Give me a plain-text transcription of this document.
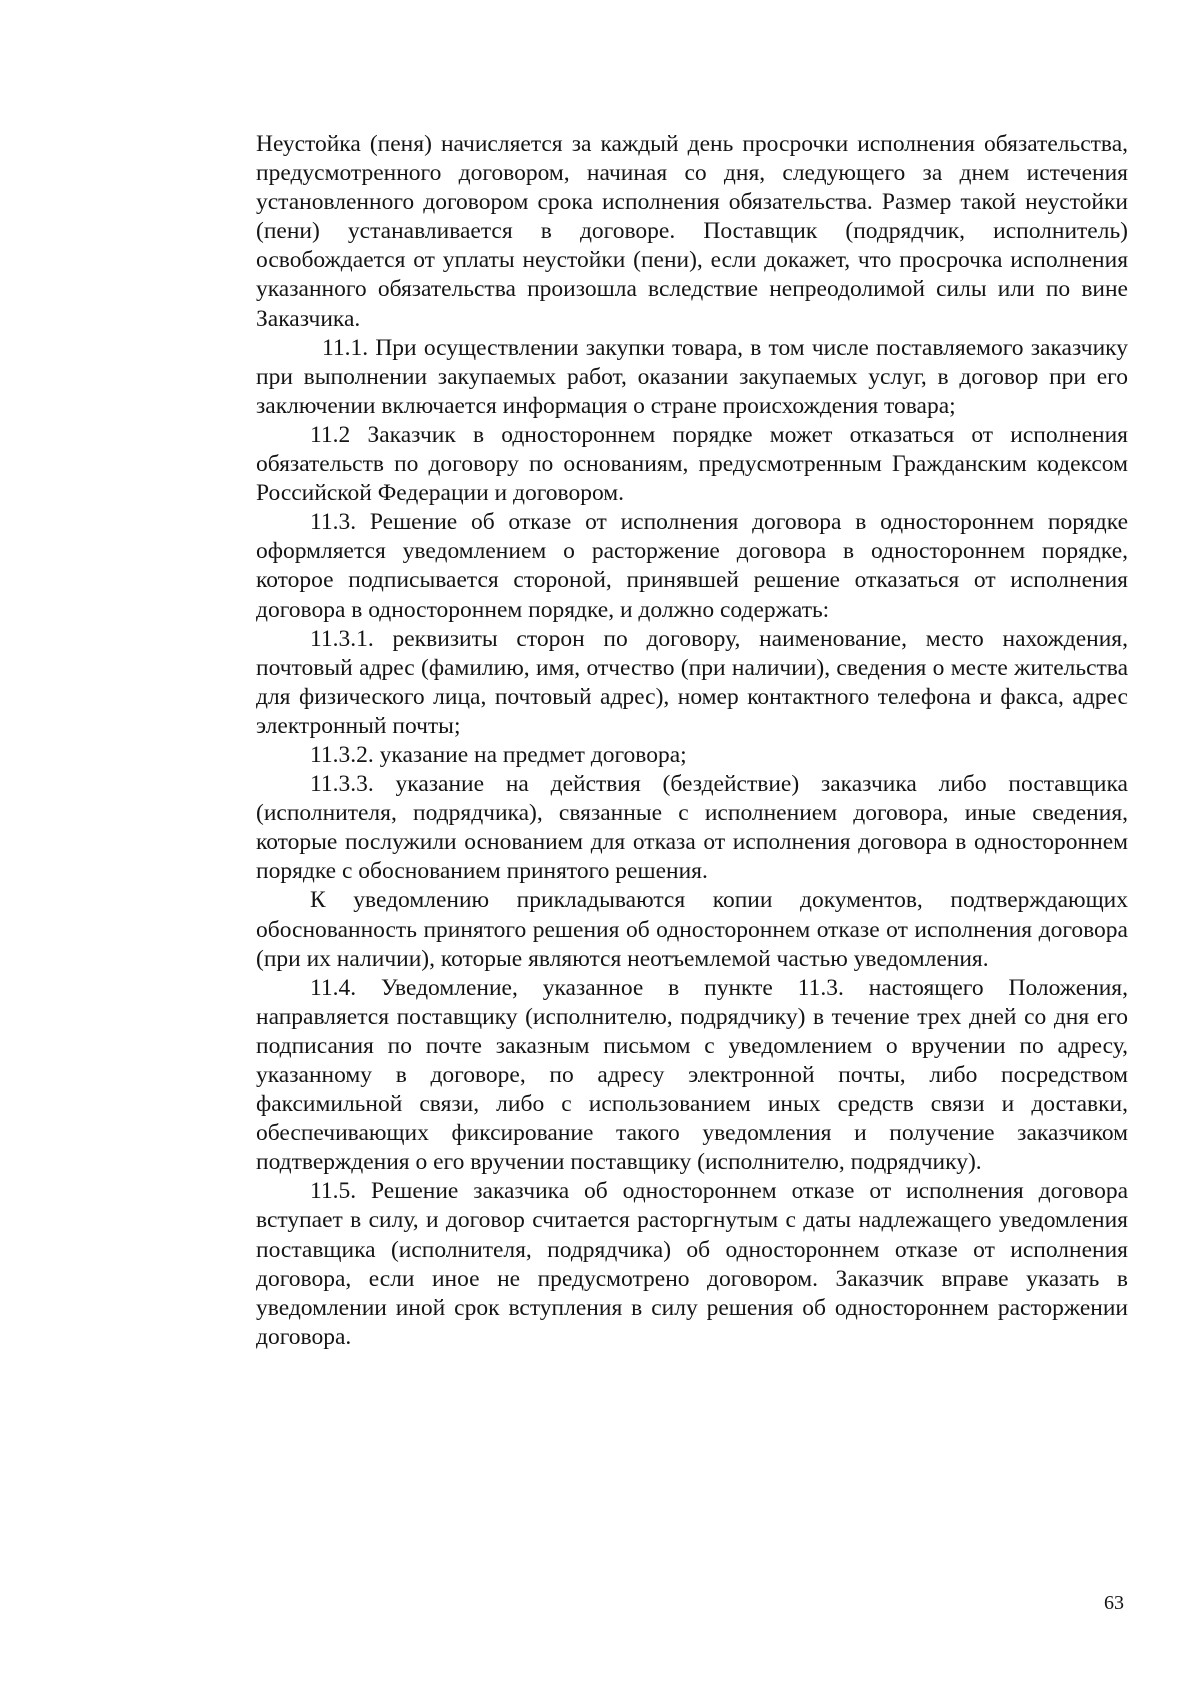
Неустойка (пеня) начисляется за каждый день просрочки исполнения обязательства, предусмотренного договором, начиная со дня, следующего за днем истечения установленного договором срока исполнения обязательства. Размер такой неустойки (пени) устанавливается в договоре. Поставщик (подрядчик, исполнитель) освобождается от уплаты неустойки (пени), если докажет, что просрочка исполнения указанного обязательства произошла вследствие непреодолимой силы или по вине Заказчика.

11.1. При осуществлении закупки товара, в том числе поставляемого заказчику при выполнении закупаемых работ, оказании закупаемых услуг, в договор при его заключении включается информация о стране происхождения товара;

11.2 Заказчик в одностороннем порядке может отказаться от исполнения обязательств по договору по основаниям, предусмотренным Гражданским кодексом Российской Федерации и договором.

11.3. Решение об отказе от исполнения договора в одностороннем порядке оформляется уведомлением о расторжение договора в одностороннем порядке, которое подписывается стороной, принявшей решение отказаться от исполнения договора в одностороннем порядке, и должно содержать:

11.3.1. реквизиты сторон по договору, наименование, место нахождения, почтовый адрес (фамилию, имя, отчество (при наличии), сведения о месте жительства для физического лица, почтовый адрес), номер контактного телефона и факса, адрес электронный почты;

11.3.2. указание на предмет договора;

11.3.3. указание на действия (бездействие) заказчика либо поставщика (исполнителя, подрядчика), связанные с исполнением договора, иные сведения, которые послужили основанием для отказа от исполнения договора в одностороннем порядке с обоснованием принятого решения.

К уведомлению прикладываются копии документов, подтверждающих обоснованность принятого решения об одностороннем отказе от исполнения договора (при их наличии), которые являются неотъемлемой частью уведомления.

11.4. Уведомление, указанное в пункте 11.3. настоящего Положения, направляется поставщику (исполнителю, подрядчику) в течение трех дней со дня его подписания по почте заказным письмом с уведомлением о вручении по адресу, указанному в договоре, по адресу электронной почты, либо посредством факсимильной связи, либо с использованием иных средств связи и доставки, обеспечивающих фиксирование такого уведомления и получение заказчиком подтверждения о его вручении поставщику (исполнителю, подрядчику).

11.5. Решение заказчика об одностороннем отказе от исполнения договора вступает в силу, и договор считается расторгнутым с даты надлежащего уведомления поставщика (исполнителя, подрядчика) об одностороннем отказе от исполнения договора, если иное не предусмотрено договором. Заказчик вправе указать в уведомлении иной срок вступления в силу решения об одностороннем расторжении договора.

63
